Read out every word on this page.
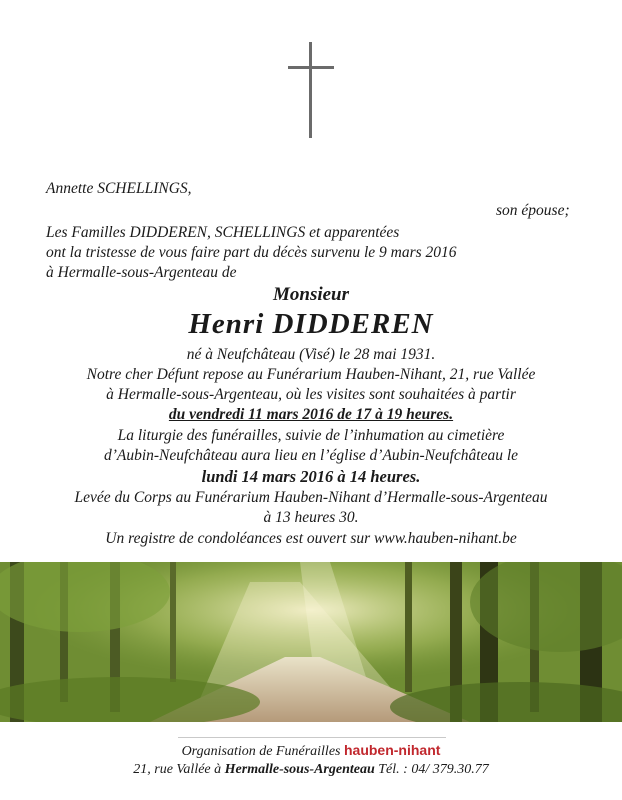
Annette SCHELLINGS,
son épouse;
Les Familles DIDDEREN, SCHELLINGS et apparentées
ont la tristesse de vous faire part du décès survenu le 9 mars 2016
à Hermalle-sous-Argenteau de
Monsieur
Henri DIDDEREN
né à Neufchâteau (Visé) le 28 mai 1931.
Notre cher Défunt repose au Funérarium Hauben-Nihant, 21, rue Vallée
à Hermalle-sous-Argenteau, où les visites sont souhaitées à partir
du vendredi 11 mars 2016 de 17 à 19 heures.
La liturgie des funérailles, suivie de l’inhumation au cimetière
d’Aubin-Neufchâteau aura lieu en l’église d’Aubin-Neufchâteau le
lundi 14 mars 2016 à 14 heures.
Levée du Corps au Funérarium Hauben-Nihant d’Hermalle-sous-Argenteau
à 13 heures 30.
Un registre de condoléances est ouvert sur www.hauben-nihant.be
Organisation de Funérailles hauben-nihant
21, rue Vallée à Hermalle-sous-Argenteau Tél. : 04/ 379.30.77
